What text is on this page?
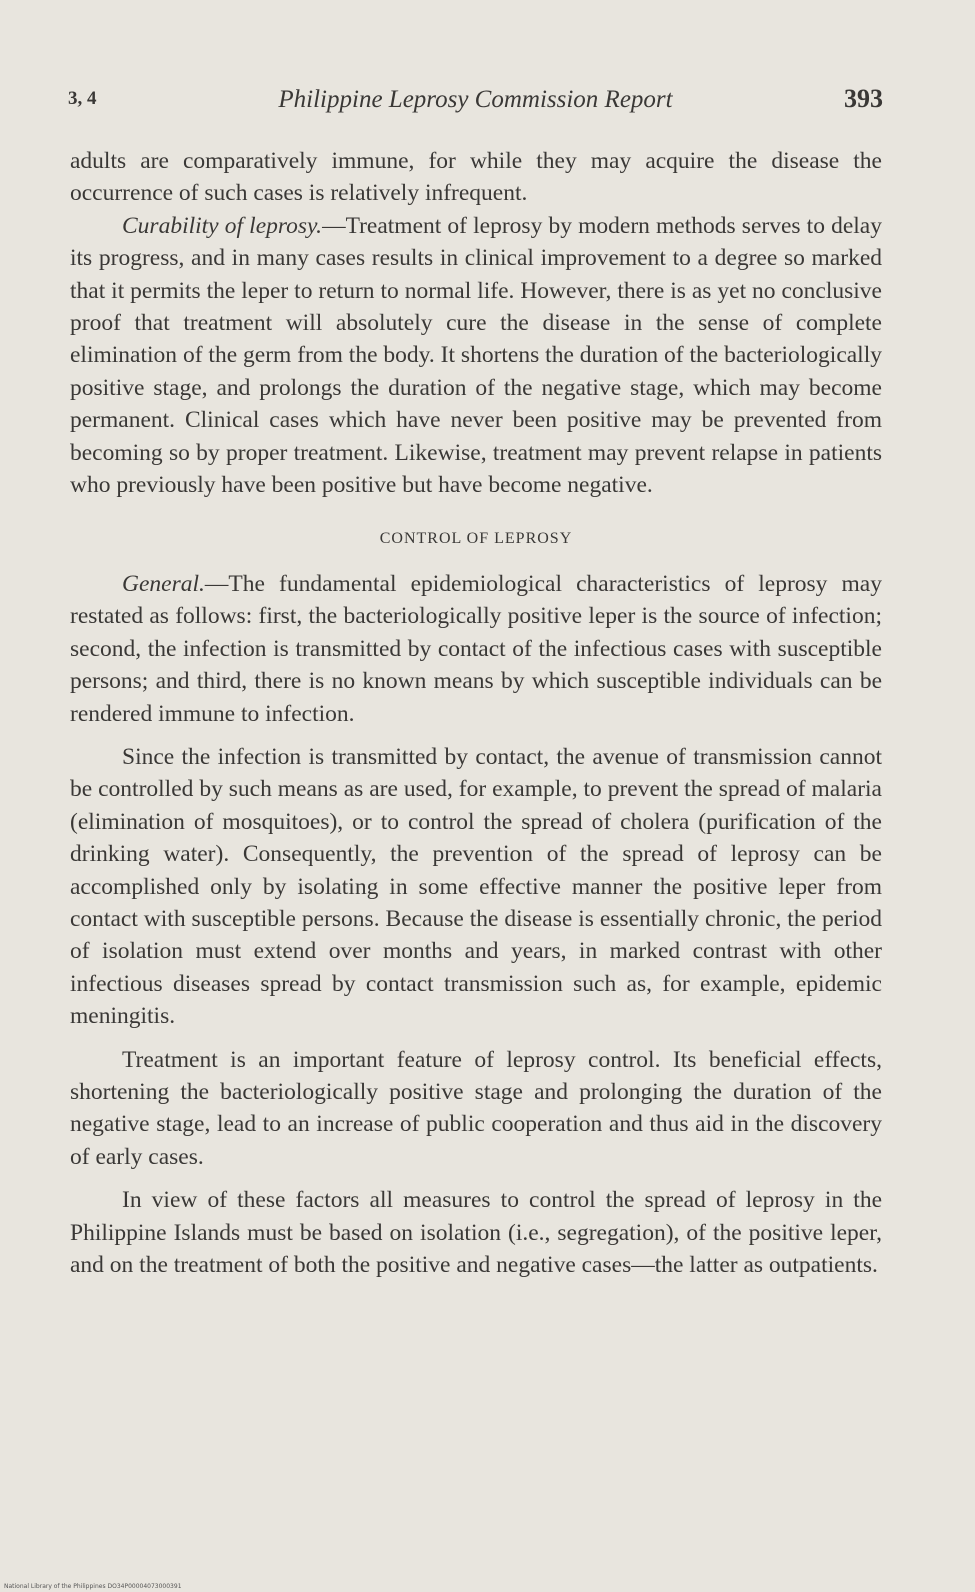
3, 4	Philippine Leprosy Commission Report	393

adults are comparatively immune, for while they may acquire the disease the occurrence of such cases is relatively infrequent.

Curability of leprosy.—Treatment of leprosy by modern methods serves to delay its progress, and in many cases results in clinical improvement to a degree so marked that it permits the leper to return to normal life. However, there is as yet no conclusive proof that treatment will absolutely cure the disease in the sense of complete elimination of the germ from the body. It shortens the duration of the bacteriologically positive stage, and prolongs the duration of the negative stage, which may become permanent. Clinical cases which have never been positive may be prevented from becoming so by proper treatment. Likewise, treatment may prevent relapse in patients who previously have been positive but have become negative.

CONTROL OF LEPROSY

General.—The fundamental epidemiological characteristics of leprosy may restated as follows: first, the bacteriologically positive leper is the source of infection; second, the infection is transmitted by contact of the infectious cases with susceptible persons; and third, there is no known means by which susceptible individuals can be rendered immune to infection.

Since the infection is transmitted by contact, the avenue of transmission cannot be controlled by such means as are used, for example, to prevent the spread of malaria (elimination of mosquitoes), or to control the spread of cholera (purification of the drinking water). Consequently, the prevention of the spread of leprosy can be accomplished only by isolating in some effective manner the positive leper from contact with susceptible persons. Because the disease is essentially chronic, the period of isolation must extend over months and years, in marked contrast with other infectious diseases spread by contact transmission such as, for example, epidemic meningitis.

Treatment is an important feature of leprosy control. Its beneficial effects, shortening the bacteriologically positive stage and prolonging the duration of the negative stage, lead to an increase of public cooperation and thus aid in the discovery of early cases.

In view of these factors all measures to control the spread of leprosy in the Philippine Islands must be based on isolation (i.e., segregation), of the positive leper, and on the treatment of both the positive and negative cases—the latter as outpatients.

National Library of the Philippines DO34P00004073000391
